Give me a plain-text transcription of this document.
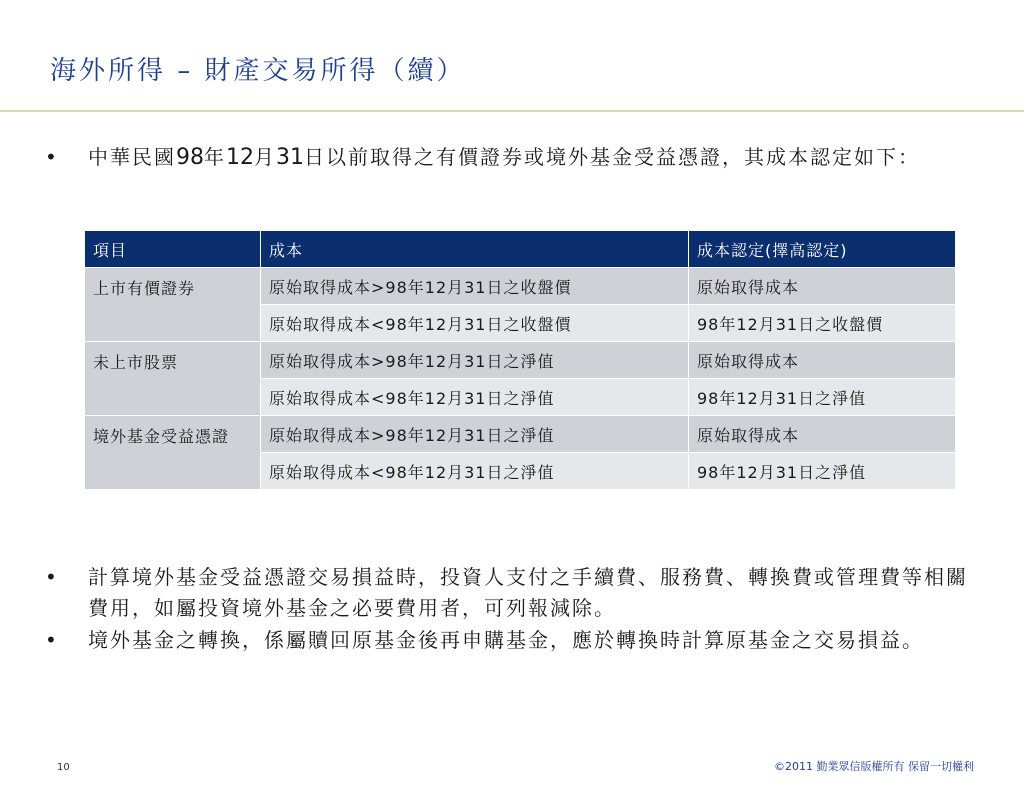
海外所得 – 財產交易所得（續）
• 中華民國98年12月31日以前取得之有價證券或境外基金受益憑證，其成本認定如下：
項目	成本	成本認定(擇高認定)
上市有價證券	原始取得成本>98年12月31日之收盤價	原始取得成本
	原始取得成本<98年12月31日之收盤價	98年12月31日之收盤價
未上市股票	原始取得成本>98年12月31日之淨值	原始取得成本
	原始取得成本<98年12月31日之淨值	98年12月31日之淨值
境外基金受益憑證	原始取得成本>98年12月31日之淨值	原始取得成本
	原始取得成本<98年12月31日之淨值	98年12月31日之淨值
• 計算境外基金受益憑證交易損益時，投資人支付之手續費、服務費、轉換費或管理費等相關費用，如屬投資境外基金之必要費用者，可列報減除。
• 境外基金之轉換，係屬贖回原基金後再申購基金，應於轉換時計算原基金之交易損益。
10	©2011 勤業眾信版權所有 保留一切權利
